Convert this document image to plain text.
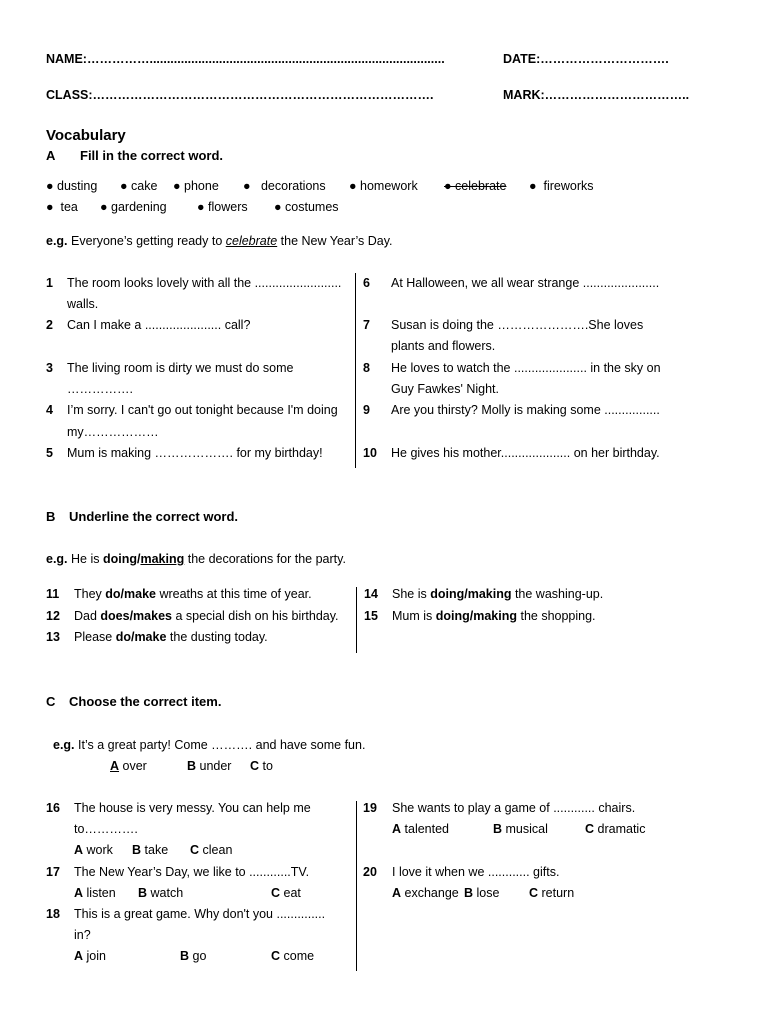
NAME:…………….....................................................................................	DATE:………………………….
CLASS:……………………………………………………………………….	MARK:……………………………..
Vocabulary
A Fill in the correct word.
● dusting ● cake ● phone ●   decorations ● homework ● celebrate ●  fireworks
●  tea ● gardening ● flowers ● costumes
e.g. Everyone’s getting ready to celebrate the New Year’s Day.
1 The room looks lovely with all the .........................
walls.
2 Can I make a ...................... call?
3 The living room is dirty we must do some
…………….
4 I’m sorry. I can't go out tonight because I'm doing
my………………
5 Mum is making ………………. for my birthday!
6 At Halloween, we all wear strange ......................
7 Susan is doing the ………………….She loves
plants and flowers.
8 He loves to watch the ..................... in the sky on
Guy Fawkes' Night.
9 Are you thirsty? Molly is making some ................
10 He gives his mother.................... on her birthday.
B Underline the correct word.
e.g. He is doing/making the decorations for the party.
11 They do/make wreaths at this time of year.
12 Dad does/makes a special dish on his birthday.
13 Please do/make the dusting today.
14 She is doing/making the washing-up.
15 Mum is doing/making the shopping.
C Choose the correct item.
e.g. It’s a great party! Come ………. and have some fun.
A over	B under C to
16 The house is very messy. You can help me
to………….
A work B take C clean
17 The New Year’s Day, we like to ............TV.
A listen B watch	C eat
18 This is a great game. Why don't you ..............
in?
A join	B go	C come
19 She wants to play a game of ............ chairs.
A talented	B musical	C dramatic
20 I love it when we ............ gifts.
A exchange B lose C return
